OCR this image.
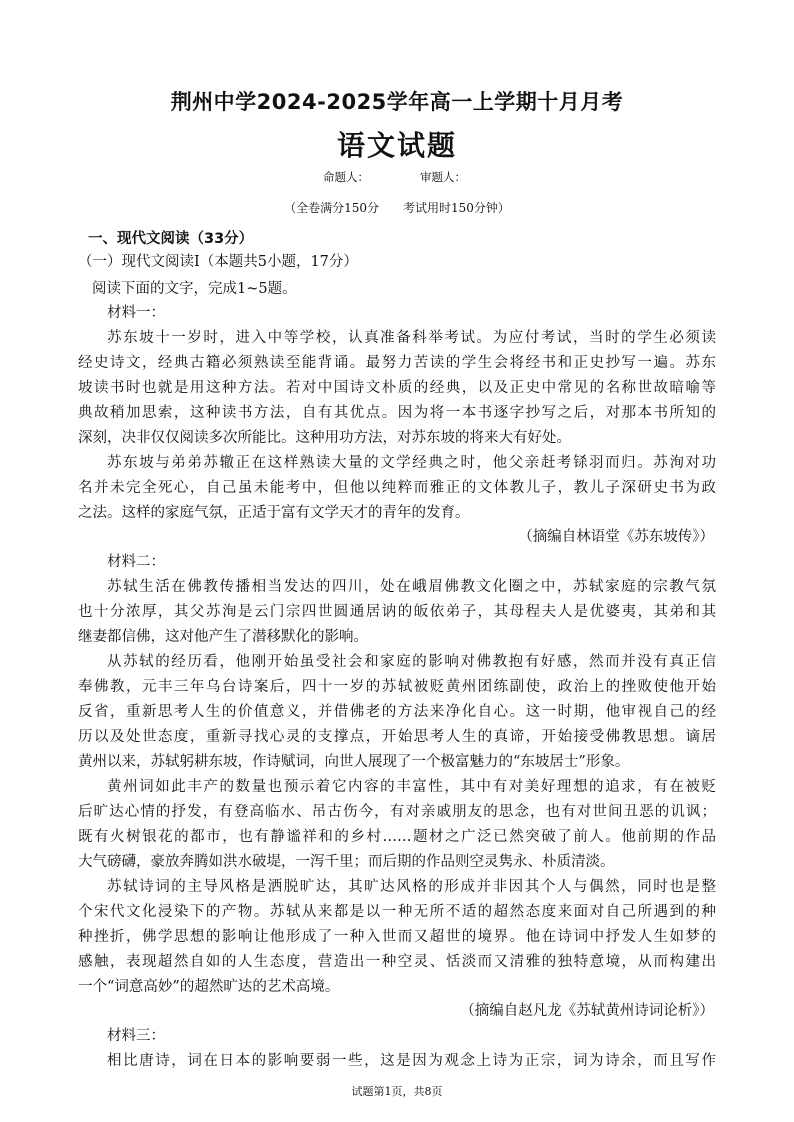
荆州中学2024-2025学年高一上学期十月月考
语文试题
命题人：	审题人：
（全卷满分150分　　考试用时150分钟）
一、现代文阅读（33分）
（一）现代文阅读Ⅰ（本题共5小题，17分）
阅读下面的文字，完成1~5题。
材料一：
苏东坡十一岁时，进入中等学校，认真准备科举考试。为应付考试，当时的学生必须读
经史诗文，经典古籍必须熟读至能背诵。最努力苦读的学生会将经书和正史抄写一遍。苏东
坡读书时也就是用这种方法。若对中国诗文朴质的经典，以及正史中常见的名称世故暗喻等
典故稍加思索，这种读书方法，自有其优点。因为将一本书逐字抄写之后，对那本书所知的
深刻，决非仅仅阅读多次所能比。这种用功方法，对苏东坡的将来大有好处。
苏东坡与弟弟苏辙正在这样熟读大量的文学经典之时，他父亲赶考铩羽而归。苏洵对功
名并未完全死心，自己虽未能考中，但他以纯粹而雅正的文体教儿子，教儿子深研史书为政
之法。这样的家庭气氛，正适于富有文学天才的青年的发育。
（摘编自林语堂《苏东坡传》）
材料二：
苏轼生活在佛教传播相当发达的四川，处在峨眉佛教文化圈之中，苏轼家庭的宗教气氛
也十分浓厚，其父苏洵是云门宗四世圆通居讷的皈依弟子，其母程夫人是优婆夷，其弟和其
继妻都信佛，这对他产生了潜移默化的影响。
从苏轼的经历看，他刚开始虽受社会和家庭的影响对佛教抱有好感，然而并没有真正信
奉佛教，元丰三年乌台诗案后，四十一岁的苏轼被贬黄州团练副使，政治上的挫败使他开始
反省，重新思考人生的价值意义，并借佛老的方法来净化自心。这一时期，他审视自己的经
历以及处世态度，重新寻找心灵的支撑点，开始思考人生的真谛，开始接受佛教思想。谪居
黄州以来，苏轼躬耕东坡，作诗赋词，向世人展现了一个极富魅力的“东坡居士”形象。
黄州词如此丰产的数量也预示着它内容的丰富性，其中有对美好理想的追求，有在被贬
后旷达心情的抒发，有登高临水、吊古伤今，有对亲戚朋友的思念，也有对世间丑恶的讥讽；
既有火树银花的都市，也有静谧祥和的乡村……题材之广泛已然突破了前人。他前期的作品
大气磅礴，豪放奔腾如洪水破堤，一泻千里；而后期的作品则空灵隽永、朴质清淡。
苏轼诗词的主导风格是洒脱旷达，其旷达风格的形成并非因其个人与偶然，同时也是整
个宋代文化浸染下的产物。苏轼从来都是以一种无所不适的超然态度来面对自己所遇到的种
种挫折，佛学思想的影响让他形成了一种入世而又超世的境界。他在诗词中抒发人生如梦的
感触，表现超然自如的人生态度，营造出一种空灵、恬淡而又清雅的独特意境，从而构建出
一个“词意高妙”的超然旷达的艺术高境。
（摘编自赵凡龙《苏轼黄州诗词论析》）
材料三：
相比唐诗，词在日本的影响要弱一些，这是因为观念上诗为正宗，词为诗余，而且写作
试题第1页，共8页
